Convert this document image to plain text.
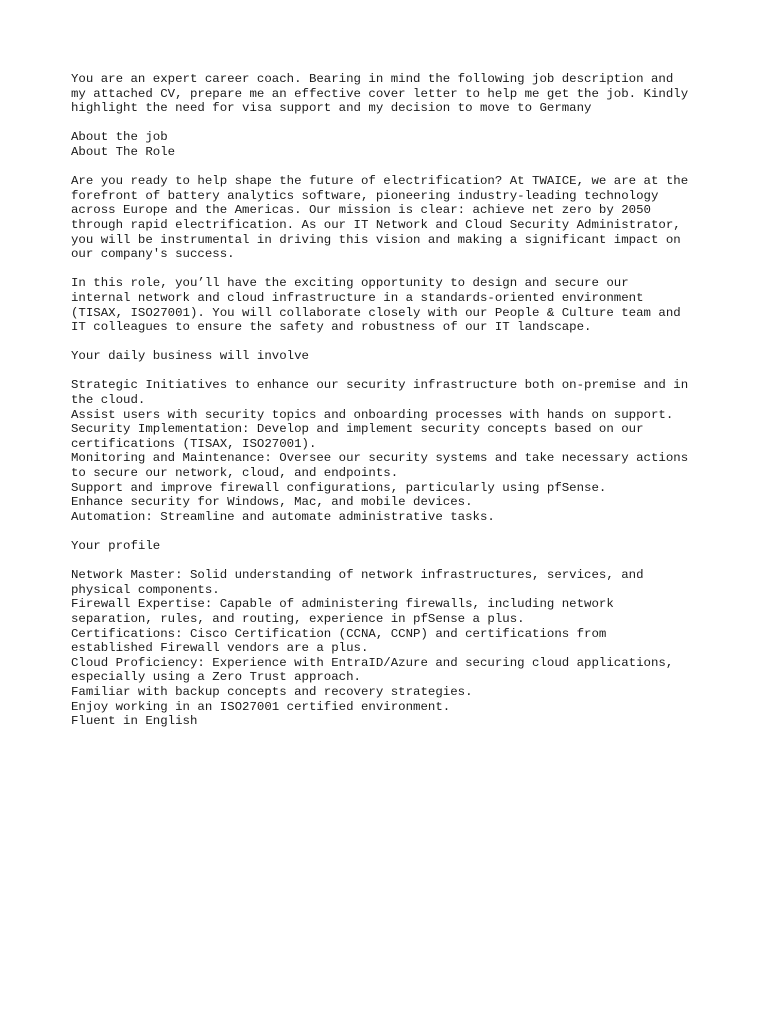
You are an expert career coach. Bearing in mind the following job description and
my attached CV, prepare me an effective cover letter to help me get the job. Kindly
highlight the need for visa support and my decision to move to Germany
About the job
About The Role
Are you ready to help shape the future of electrification? At TWAICE, we are at the
forefront of battery analytics software, pioneering industry-leading technology
across Europe and the Americas. Our mission is clear: achieve net zero by 2050
through rapid electrification. As our IT Network and Cloud Security Administrator,
you will be instrumental in driving this vision and making a significant impact on
our company's success.
In this role, you’ll have the exciting opportunity to design and secure our
internal network and cloud infrastructure in a standards-oriented environment
(TISAX, ISO27001). You will collaborate closely with our People & Culture team and
IT colleagues to ensure the safety and robustness of our IT landscape.
Your daily business will involve
Strategic Initiatives to enhance our security infrastructure both on-premise and in
the cloud.
Assist users with security topics and onboarding processes with hands on support.
Security Implementation: Develop and implement security concepts based on our
certifications (TISAX, ISO27001).
Monitoring and Maintenance: Oversee our security systems and take necessary actions
to secure our network, cloud, and endpoints.
Support and improve firewall configurations, particularly using pfSense.
Enhance security for Windows, Mac, and mobile devices.
Automation: Streamline and automate administrative tasks.
Your profile
Network Master: Solid understanding of network infrastructures, services, and
physical components.
Firewall Expertise: Capable of administering firewalls, including network
separation, rules, and routing, experience in pfSense a plus.
Certifications: Cisco Certification (CCNA, CCNP) and certifications from
established Firewall vendors are a plus.
Cloud Proficiency: Experience with EntraID/Azure and securing cloud applications,
especially using a Zero Trust approach.
Familiar with backup concepts and recovery strategies.
Enjoy working in an ISO27001 certified environment.
Fluent in English
